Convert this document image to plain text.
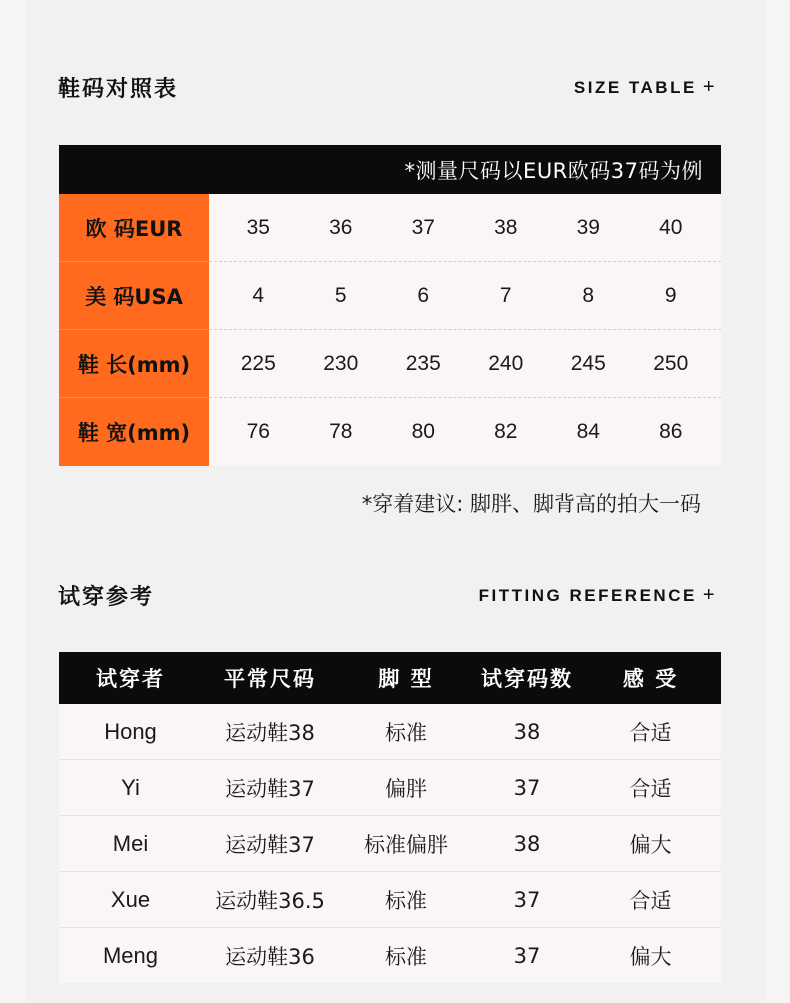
鞋码对照表	SIZE TABLE +
*测量尺码以EUR欧码37码为例
欧 码EUR	35	36	37	38	39	40
美 码USA	4	5	6	7	8	9
鞋 长(mm)	225	230	235	240	245	250
鞋 宽(mm)	76	78	80	82	84	86
*穿着建议: 脚胖、脚背高的拍大一码
试穿参考	FITTING REFERENCE +
试穿者	平常尺码	脚 型	试穿码数	感 受
Hong	运动鞋38	标准	38	合适
Yi	运动鞋37	偏胖	37	合适
Mei	运动鞋37	标准偏胖	38	偏大
Xue	运动鞋36.5	标准	37	合适
Meng	运动鞋36	标准	37	偏大
